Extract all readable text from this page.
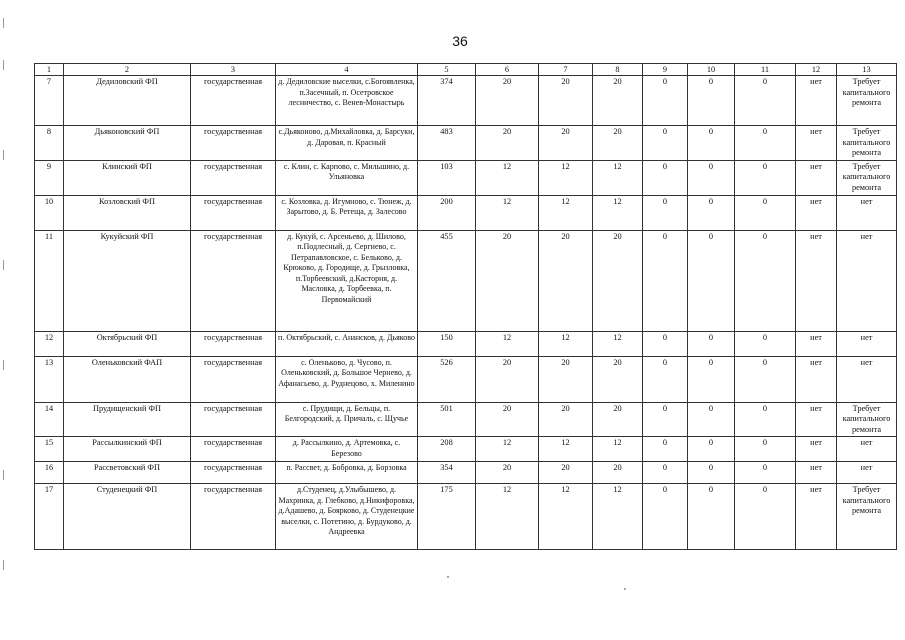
36
1	2	3	4	5	6	7	8	9	10	11	12	13
7	Дедиловский ФП	государственная	д. Дедиловские выселки, с.Богоявленка, п.Засечный, п. Осетровское лесничество, с. Венев-Монастырь	374	20	20	20	0	0	0	нет	Требует капитального ремонта
8	Дьяконовский ФП	государственная	с.Дьяконово, д.Михайловка, д. Барсуки, д. Даровая, п. Красный	483	20	20	20	0	0	0	нет	Требует капитального ремонта
9	Клинский ФП	государственная	с. Клин, с. Карпово, с. Мильшино, д. Ульяновка	103	12	12	12	0	0	0	нет	Требует капитального ремонта
10	Козловский ФП	государственная	с. Козловка, д. Игумново, с. Тюнеж, д. Зарытово, д. Б. Ретеща, д. Залесово	200	12	12	12	0	0	0	нет	нет
11	Кукуйский ФП	государственная	д. Кукуй, с. Арсеньево, д. Шилово, п.Подлесный, д. Сергиево, с. Петрапавловское, с. Бельково, д. Крюково, д. Городище, д. Грызловка, п.Торбеевский, д.Касторня, д. Масловка, д. Торбеевка, п. Первомайский	455	20	20	20	0	0	0	нет	нет
12	Октябрьский ФП	государственная	п. Октябрьский, с. Анансков, д. Дьяково	150	12	12	12	0	0	0	нет	нет
13	Оленьковский ФАП	государственная	с. Оленьково, д. Чусово, п. Оленьковский, д. Большое Чернево, д. Афанасьево, д. Руднецово, х. Миленино	526	20	20	20	0	0	0	нет	нет
14	Прудищенский ФП	государственная	с. Прудищи, д. Бельцы, п. Белгородский, д. Причаль, с. Щучье	501	20	20	20	0	0	0	нет	Требует капитального ремонта
15	Рассылкинский ФП	государственная	д. Рассылкино, д. Артемовка, с. Березово	208	12	12	12	0	0	0	нет	нет
16	Рассветовский ФП	государственная	п. Рассвет, д. Бобровка, д. Борзовка	354	20	20	20	0	0	0	нет	нет
17	Студенецкий ФП	государственная	д.Студенец, д.Улыбышево, д. Махринка, д. Глебково, д.Никифоровка, д.Адашево, д. Боярково, д. Студенецкие выселки, с. Потетино, д. Бурдуково, д. Андреевка	175	12	12	12	0	0	0	нет	Требует капитального ремонта
